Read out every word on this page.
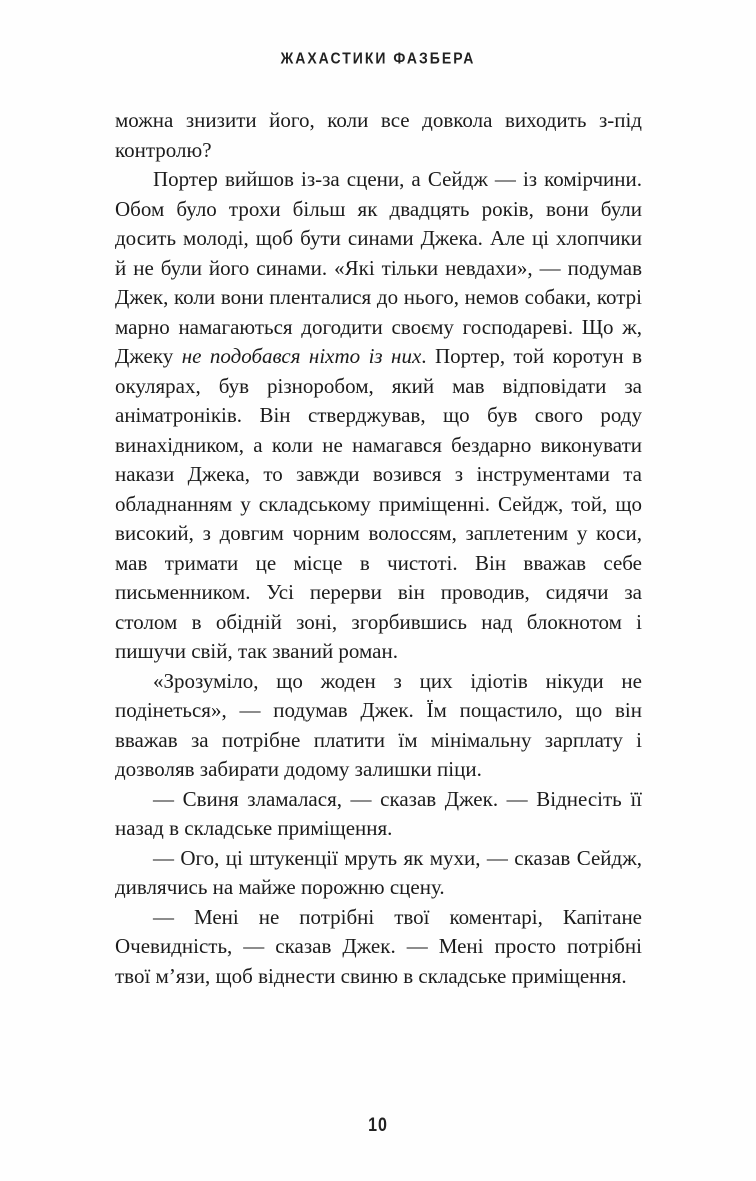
ЖАХАСТИКИ ФАЗБЕРА

можна знизити його, коли все довкола виходить з-під контролю?

Портер вийшов із-за сцени, а Сейдж — із комірчини. Обом було трохи більш як двадцять років, вони були досить молоді, щоб бути синами Джека. Але ці хлопчики й не були його синами. «Які тільки невдахи», — подумав Джек, коли вони пленталися до нього, немов собаки, котрі марно намагаються догодити своєму господареві. Що ж, Джеку не подобався ніхто із них. Портер, той коротун в окулярах, був різноробом, який мав відповідати за аніматроніків. Він стверджував, що був свого роду винахідником, а коли не намагався бездарно виконувати накази Джека, то завжди возився з інструментами та обладнанням у складському приміщенні. Сейдж, той, що високий, з довгим чорним волоссям, заплетеним у коси, мав тримати це місце в чистоті. Він вважав себе письменником. Усі перерви він проводив, сидячи за столом в обідній зоні, згорбившись над блокнотом і пишучи свій, так званий роман.

«Зрозуміло, що жоден з цих ідіотів нікуди не подінеться», — подумав Джек. Їм пощастило, що він вважав за потрібне платити їм мінімальну зарплату і дозволяв забирати додому залишки піци.

— Свиня зламалася, — сказав Джек. — Віднесіть її назад в складське приміщення.

— Ого, ці штукенції мруть як мухи, — сказав Сейдж, дивлячись на майже порожню сцену.

— Мені не потрібні твої коментарі, Капітане Очевидність, — сказав Джек. — Мені просто потрібні твої м’язи, щоб віднести свиню в складське приміщення.

10
